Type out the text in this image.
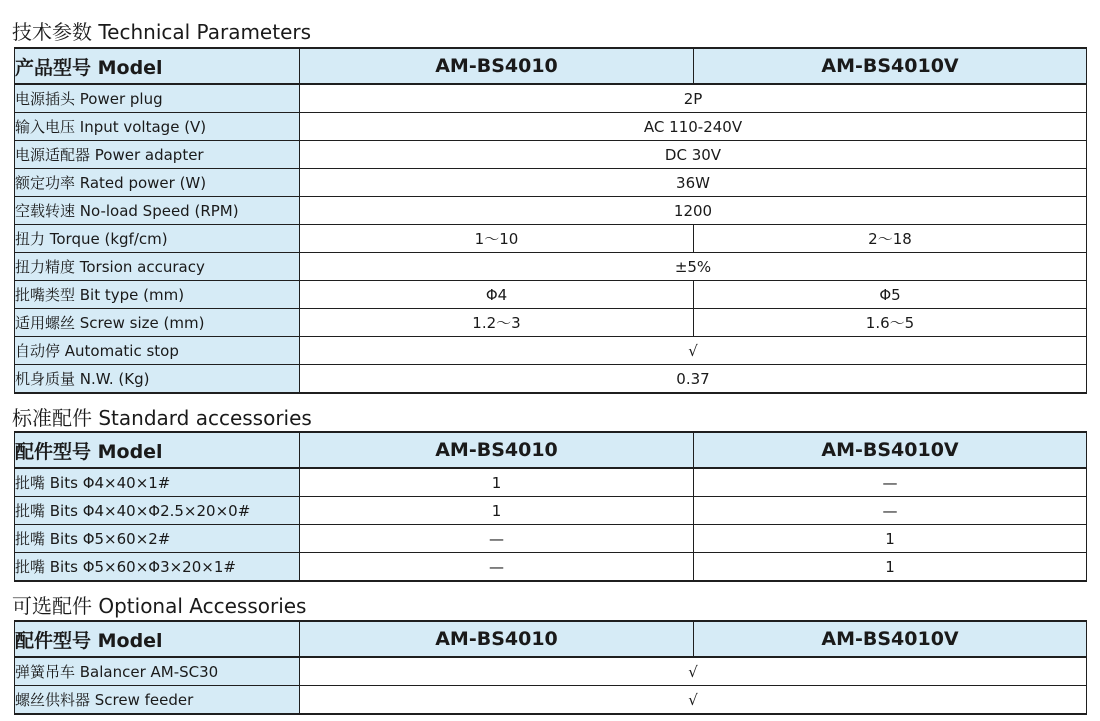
技术参数 Technical Parameters
产品型号 Model	AM-BS4010	AM-BS4010V
电源插头 Power plug	2P	
输入电压 Input voltage (V)	AC 110-240V	
电源适配器 Power adapter	DC 30V	
额定功率 Rated power (W)	36W	
空载转速 No-load Speed (RPM)	1200	
扭力 Torque (kgf/cm)	1～10	2～18
扭力精度 Torsion accuracy	±5%	
批嘴类型 Bit type (mm)	Φ4	Φ5
适用螺丝 Screw size (mm)	1.2～3	1.6～5
自动停 Automatic stop	√	
机身质量 N.W. (Kg)	0.37	
标准配件 Standard accessories
配件型号 Model	AM-BS4010	AM-BS4010V
批嘴 Bits Φ4×40×1#	1	—
批嘴 Bits Φ4×40×Φ2.5×20×0#	1	—
批嘴 Bits Φ5×60×2#	—	1
批嘴 Bits Φ5×60×Φ3×20×1#	—	1
可选配件 Optional Accessories
配件型号 Model	AM-BS4010	AM-BS4010V
弹簧吊车 Balancer AM-SC30	√	
螺丝供料器 Screw feeder	√	
